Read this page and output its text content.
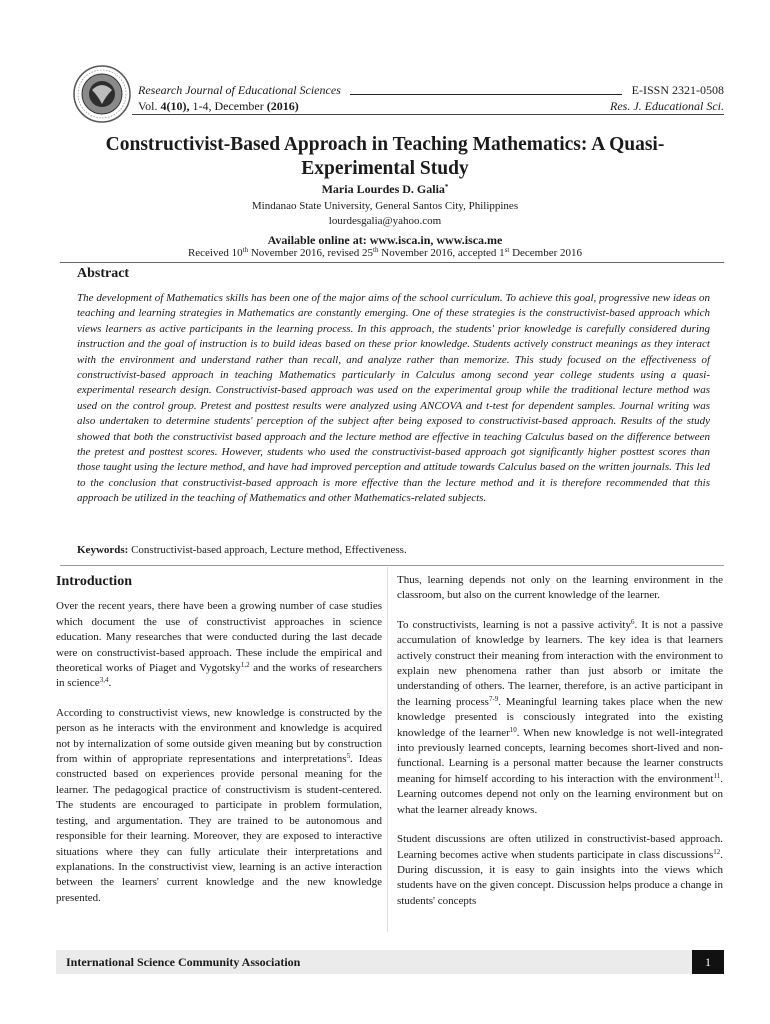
Research Journal of Educational Sciences
Vol. 4(10), 1-4, December (2016)
E-ISSN 2321-0508
Res. J. Educational Sci.
Constructivist-Based Approach in Teaching Mathematics: A Quasi-
Experimental Study
Maria Lourdes D. Galia*
Mindanao State University, General Santos City, Philippines
lourdesgalia@yahoo.com
Available online at: www.isca.in, www.isca.me
Received 10th November 2016, revised 25th November 2016, accepted 1st December 2016
Abstract
The development of Mathematics skills has been one of the major aims of the school curriculum. To achieve this goal, progressive new ideas on teaching and learning strategies in Mathematics are constantly emerging. One of these strategies is the constructivist-based approach which views learners as active participants in the learning process. In this approach, the students' prior knowledge is carefully considered during instruction and the goal of instruction is to build ideas based on these prior knowledge. Students actively construct meanings as they interact with the environment and understand rather than recall, and analyze rather than memorize. This study focused on the effectiveness of constructivist-based approach in teaching Mathematics particularly in Calculus among second year college students using a quasi-experimental research design. Constructivist-based approach was used on the experimental group while the traditional lecture method was used on the control group. Pretest and posttest results were analyzed using ANCOVA and t-test for dependent samples. Journal writing was also undertaken to determine students' perception of the subject after being exposed to constructivist-based approach. Results of the study showed that both the constructivist based approach and the lecture method are effective in teaching Calculus based on the difference between the pretest and posttest scores. However, students who used the constructivist-based approach got significantly higher posttest scores than those taught using the lecture method, and have had improved perception and attitude towards Calculus based on the written journals. This led to the conclusion that constructivist-based approach is more effective than the lecture method and it is therefore recommended that this approach be utilized in the teaching of Mathematics and other Mathematics-related subjects.
Keywords: Constructivist-based approach, Lecture method, Effectiveness.
Introduction

Over the recent years, there have been a growing number of case studies which document the use of constructivist approaches in science education. Many researches that were conducted during the last decade were on constructivist-based approach. These include the empirical and theoretical works of Piaget and Vygotsky$^{1,2}$ and the works of researchers in science$^{3,4}$.

According to constructivist views, new knowledge is constructed by the person as he interacts with the environment and knowledge is acquired not by internalization of some outside given meaning but by construction from within of appropriate representations and interpretations$^5$. Ideas constructed based on experiences provide personal meaning for the learner. The pedagogical practice of constructivism is student-centered. The students are encouraged to participate in problem formulation, testing, and argumentation. They are trained to be autonomous and responsible for their learning. Moreover, they are exposed to interactive situations where they can fully articulate their interpretations and explanations. In the constructivist view, learning is an active interaction between the learners' current knowledge and the new knowledge presented.

Thus, learning depends not only on the learning environment in the classroom, but also on the current knowledge of the learner.

To constructivists, learning is not a passive activity$^6$. It is not a passive accumulation of knowledge by learners. The key idea is that learners actively construct their meaning from interaction with the environment to explain new phenomena rather than just absorb or imitate the understanding of others. The learner, therefore, is an active participant in the learning process$^{7-9}$. Meaningful learning takes place when the new knowledge presented is consciously integrated into the existing knowledge of the learner$^{10}$. When new knowledge is not well-integrated into previously learned concepts, learning becomes short-lived and non-functional. Learning is a personal matter because the learner constructs meaning for himself according to his interaction with the environment$^{11}$. Learning outcomes depend not only on the learning environment but on what the learner already knows.

Student discussions are often utilized in constructivist-based approach. Learning becomes active when students participate in class discussions$^{12}$. During discussion, it is easy to gain insights into the views which students have on the given concept. Discussion helps produce a change in students' concepts

International Science Community Association	1
